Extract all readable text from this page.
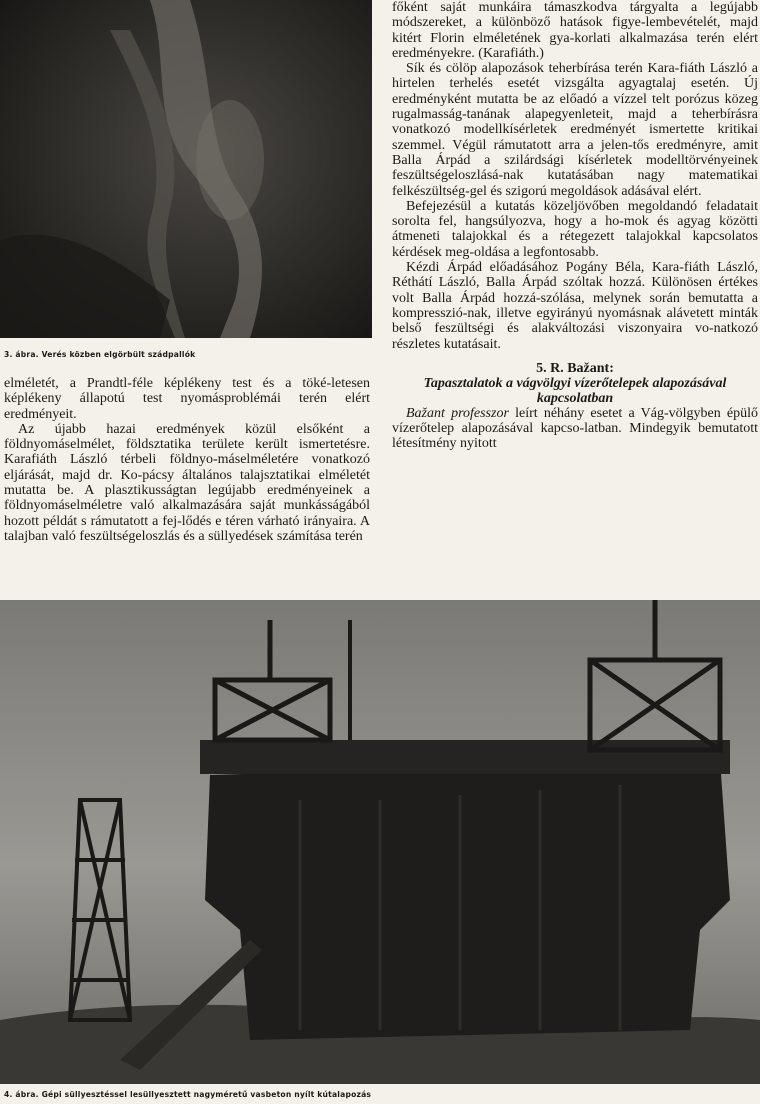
3. ábra. Verés közben elgörbült szádpallók

elméletét, a Prandtl-féle képlékeny test és a töké-letesen képlékeny állapotú test nyomásproblémái terén elért eredményeit.

Az újabb hazai eredmények közül elsőként a földnyomáselmélet, földsztatika területe került ismertetésre. Karafiáth László térbeli földnyo-máselméletére vonatkozó eljárását, majd dr. Ko-pácsy általános talajsztatikai elméletét mutatta be. A plasztikusságtan legújabb eredményeinek a földnyomáselméletre való alkalmazására saját munkásságából hozott példát s rámutatott a fej-lődés e téren várható irányaira. A talajban való feszültségeloszlás és a süllyedések számítása terén

főként saját munkáira támaszkodva tárgyalta a legújabb módszereket, a különböző hatások figye-lembevételét, majd kitért Florin elméletének gya-korlati alkalmazása terén elért eredményekre. (Karafiáth.)

Sík és cölöp alapozások teherbírása terén Kara-fiáth László a hirtelen terhelés esetét vizsgálta agyagtalaj esetén. Új eredményként mutatta be az előadó a vízzel telt porózus közeg rugalmasság-tanának alapegyenleteit, majd a teherbírásra vonatkozó modellkísérletek eredményét ismertette kritikai szemmel. Végül rámutatott arra a jelen-tős eredményre, amit Balla Árpád a szilárdsági kísérletek modelltörvényeinek feszültségeloszlásá-nak kutatásában nagy matematikai felkészültség-gel és szigorú megoldások adásával elért.

Befejezésül a kutatás közeljövőben megoldandó feladatait sorolta fel, hangsúlyozva, hogy a ho-mok és agyag közötti átmeneti talajokkal és a rétegezett talajokkal kapcsolatos kérdések meg-oldása a legfontosabb.

Kézdi Árpád előadásához Pogány Béla, Kara-fiáth László, Réthátí László, Balla Árpád szóltak hozzá. Különösen értékes volt Balla Árpád hozzá-szólása, melynek során bemutatta a kompresszió-nak, illetve egyirányú nyomásnak alávetett minták belső feszültségi és alakváltozási viszonyaira vo-natkozó részletes kutatásait.

5. R. Bažant:
Tapasztalatok a vágvölgyi vízerőtelepek alapozásával kapcsolatban

Bažant professzor leírt néhány esetet a Vág-völgyben épülő vízerőtelep alapozásával kapcso-latban. Mindegyik bemutatott létesítmény nyitott

4. ábra. Gépi süllyesztéssel lesüllyesztett nagyméretű vasbeton nyílt kútalapozás
